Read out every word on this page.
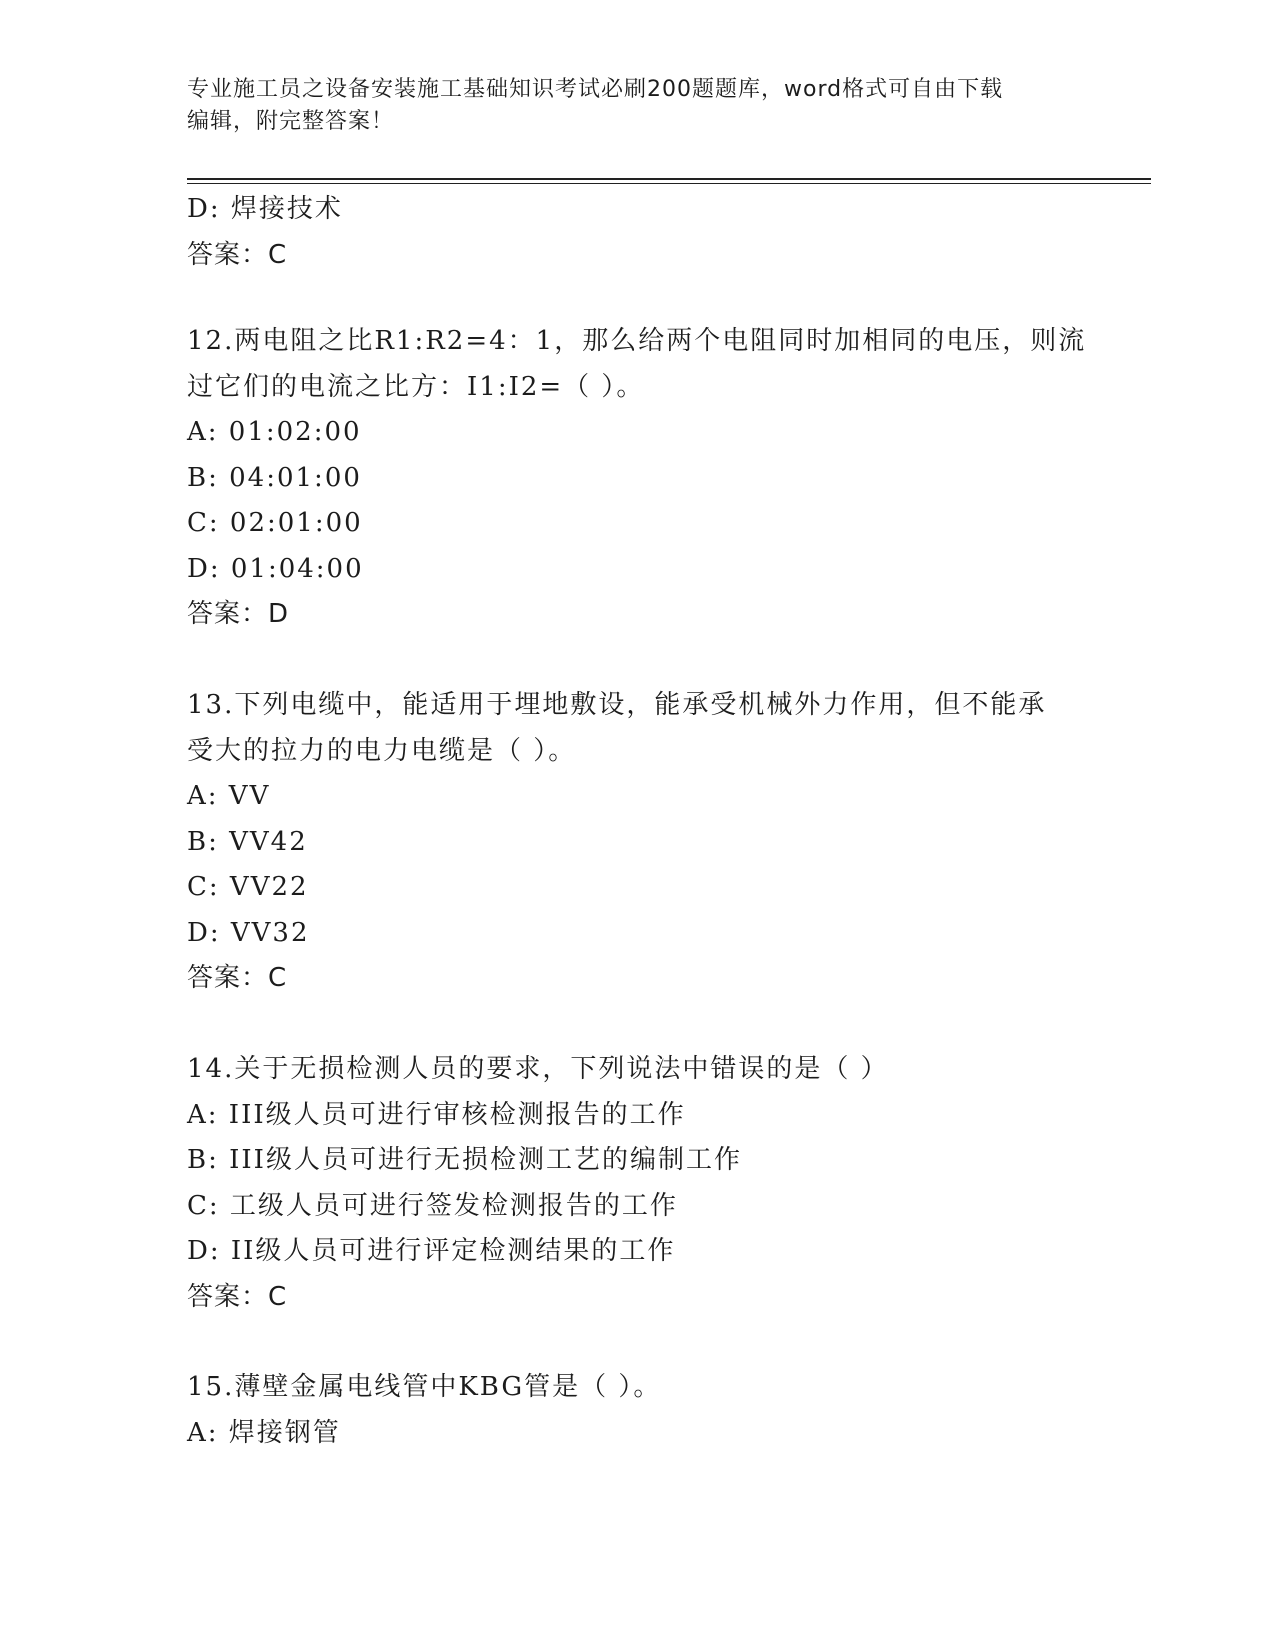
专业施工员之设备安装施工基础知识考试必刷200题题库，word格式可自由下载
编辑，附完整答案！
D: 焊接技术
答案：C
12.两电阻之比R1:R2=4：1，那么给两个电阻同时加相同的电压，则流
过它们的电流之比方：I1:I2=（ ）。
A: 01:02:00
B: 04:01:00
C: 02:01:00
D: 01:04:00
答案：D
13.下列电缆中，能适用于埋地敷设，能承受机械外力作用，但不能承
受大的拉力的电力电缆是（ ）。
A: VV
B: VV42
C: VV22
D: VV32
答案：C
14.关于无损检测人员的要求，下列说法中错误的是（ ）
A: III级人员可进行审核检测报告的工作
B: III级人员可进行无损检测工艺的编制工作
C: 工级人员可进行签发检测报告的工作
D: II级人员可进行评定检测结果的工作
答案：C
15.薄壁金属电线管中KBG管是（ ）。
A: 焊接钢管
